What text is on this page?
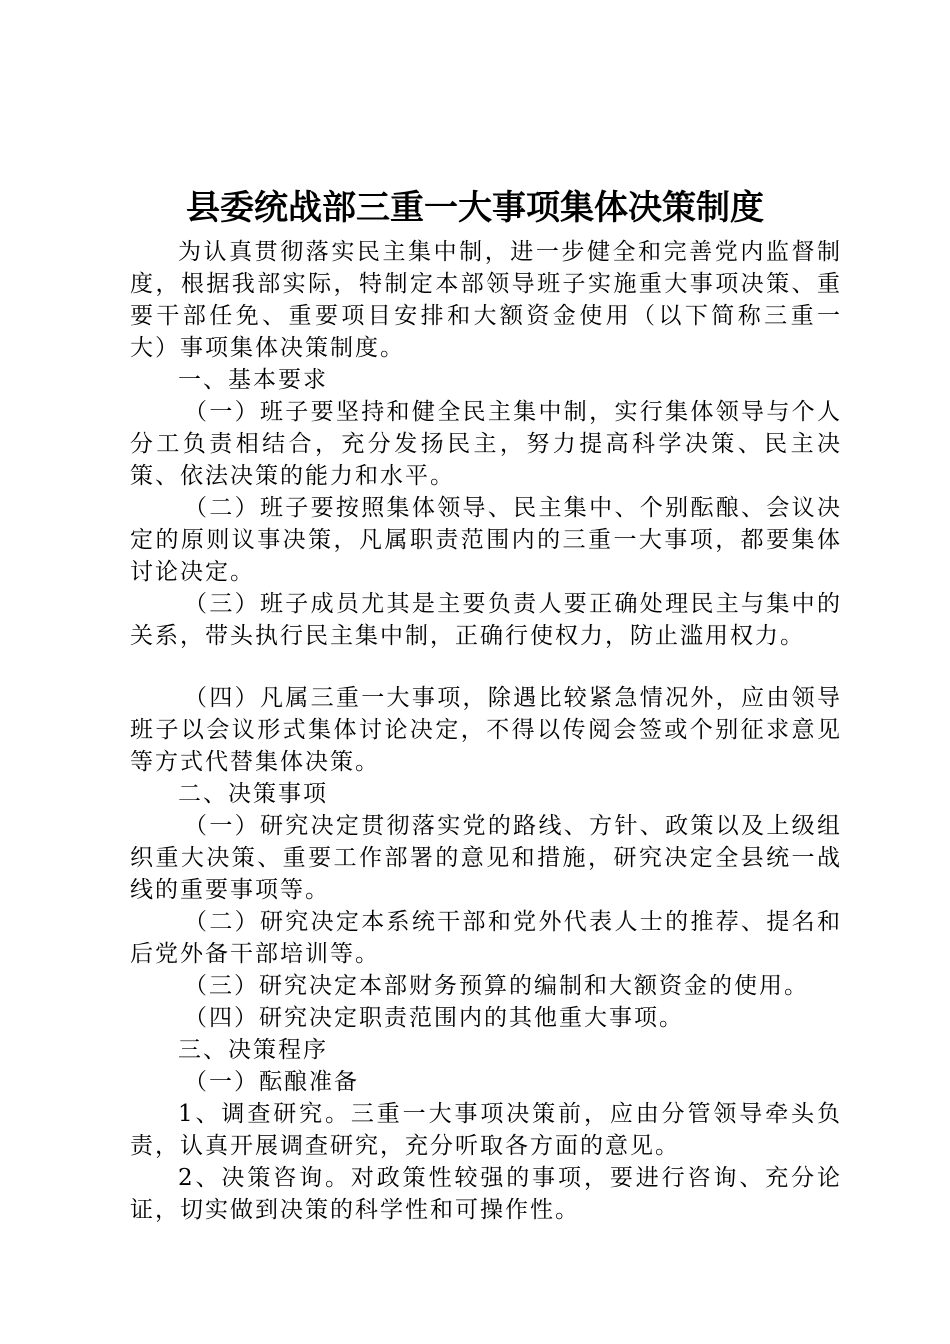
县委统战部三重一大事项集体决策制度

为认真贯彻落实民主集中制，进一步健全和完善党内监督制度，根据我部实际，特制定本部领导班子实施重大事项决策、重要干部任免、重要项目安排和大额资金使用（以下简称三重一大）事项集体决策制度。

一、基本要求

（一）班子要坚持和健全民主集中制，实行集体领导与个人分工负责相结合，充分发扬民主，努力提高科学决策、民主决策、依法决策的能力和水平。

（二）班子要按照集体领导、民主集中、个别酝酿、会议决定的原则议事决策，凡属职责范围内的三重一大事项，都要集体讨论决定。

（三）班子成员尤其是主要负责人要正确处理民主与集中的关系，带头执行民主集中制，正确行使权力，防止滥用权力。

（四）凡属三重一大事项，除遇比较紧急情况外，应由领导班子以会议形式集体讨论决定，不得以传阅会签或个别征求意见等方式代替集体决策。

二、决策事项

（一）研究决定贯彻落实党的路线、方针、政策以及上级组织重大决策、重要工作部署的意见和措施，研究决定全县统一战线的重要事项等。

（二）研究决定本系统干部和党外代表人士的推荐、提名和后党外备干部培训等。

（三）研究决定本部财务预算的编制和大额资金的使用。

（四）研究决定职责范围内的其他重大事项。

三、决策程序

（一）酝酿准备

1、调查研究。三重一大事项决策前，应由分管领导牵头负责，认真开展调查研究，充分听取各方面的意见。

2、决策咨询。对政策性较强的事项，要进行咨询、充分论证，切实做到决策的科学性和可操作性。
